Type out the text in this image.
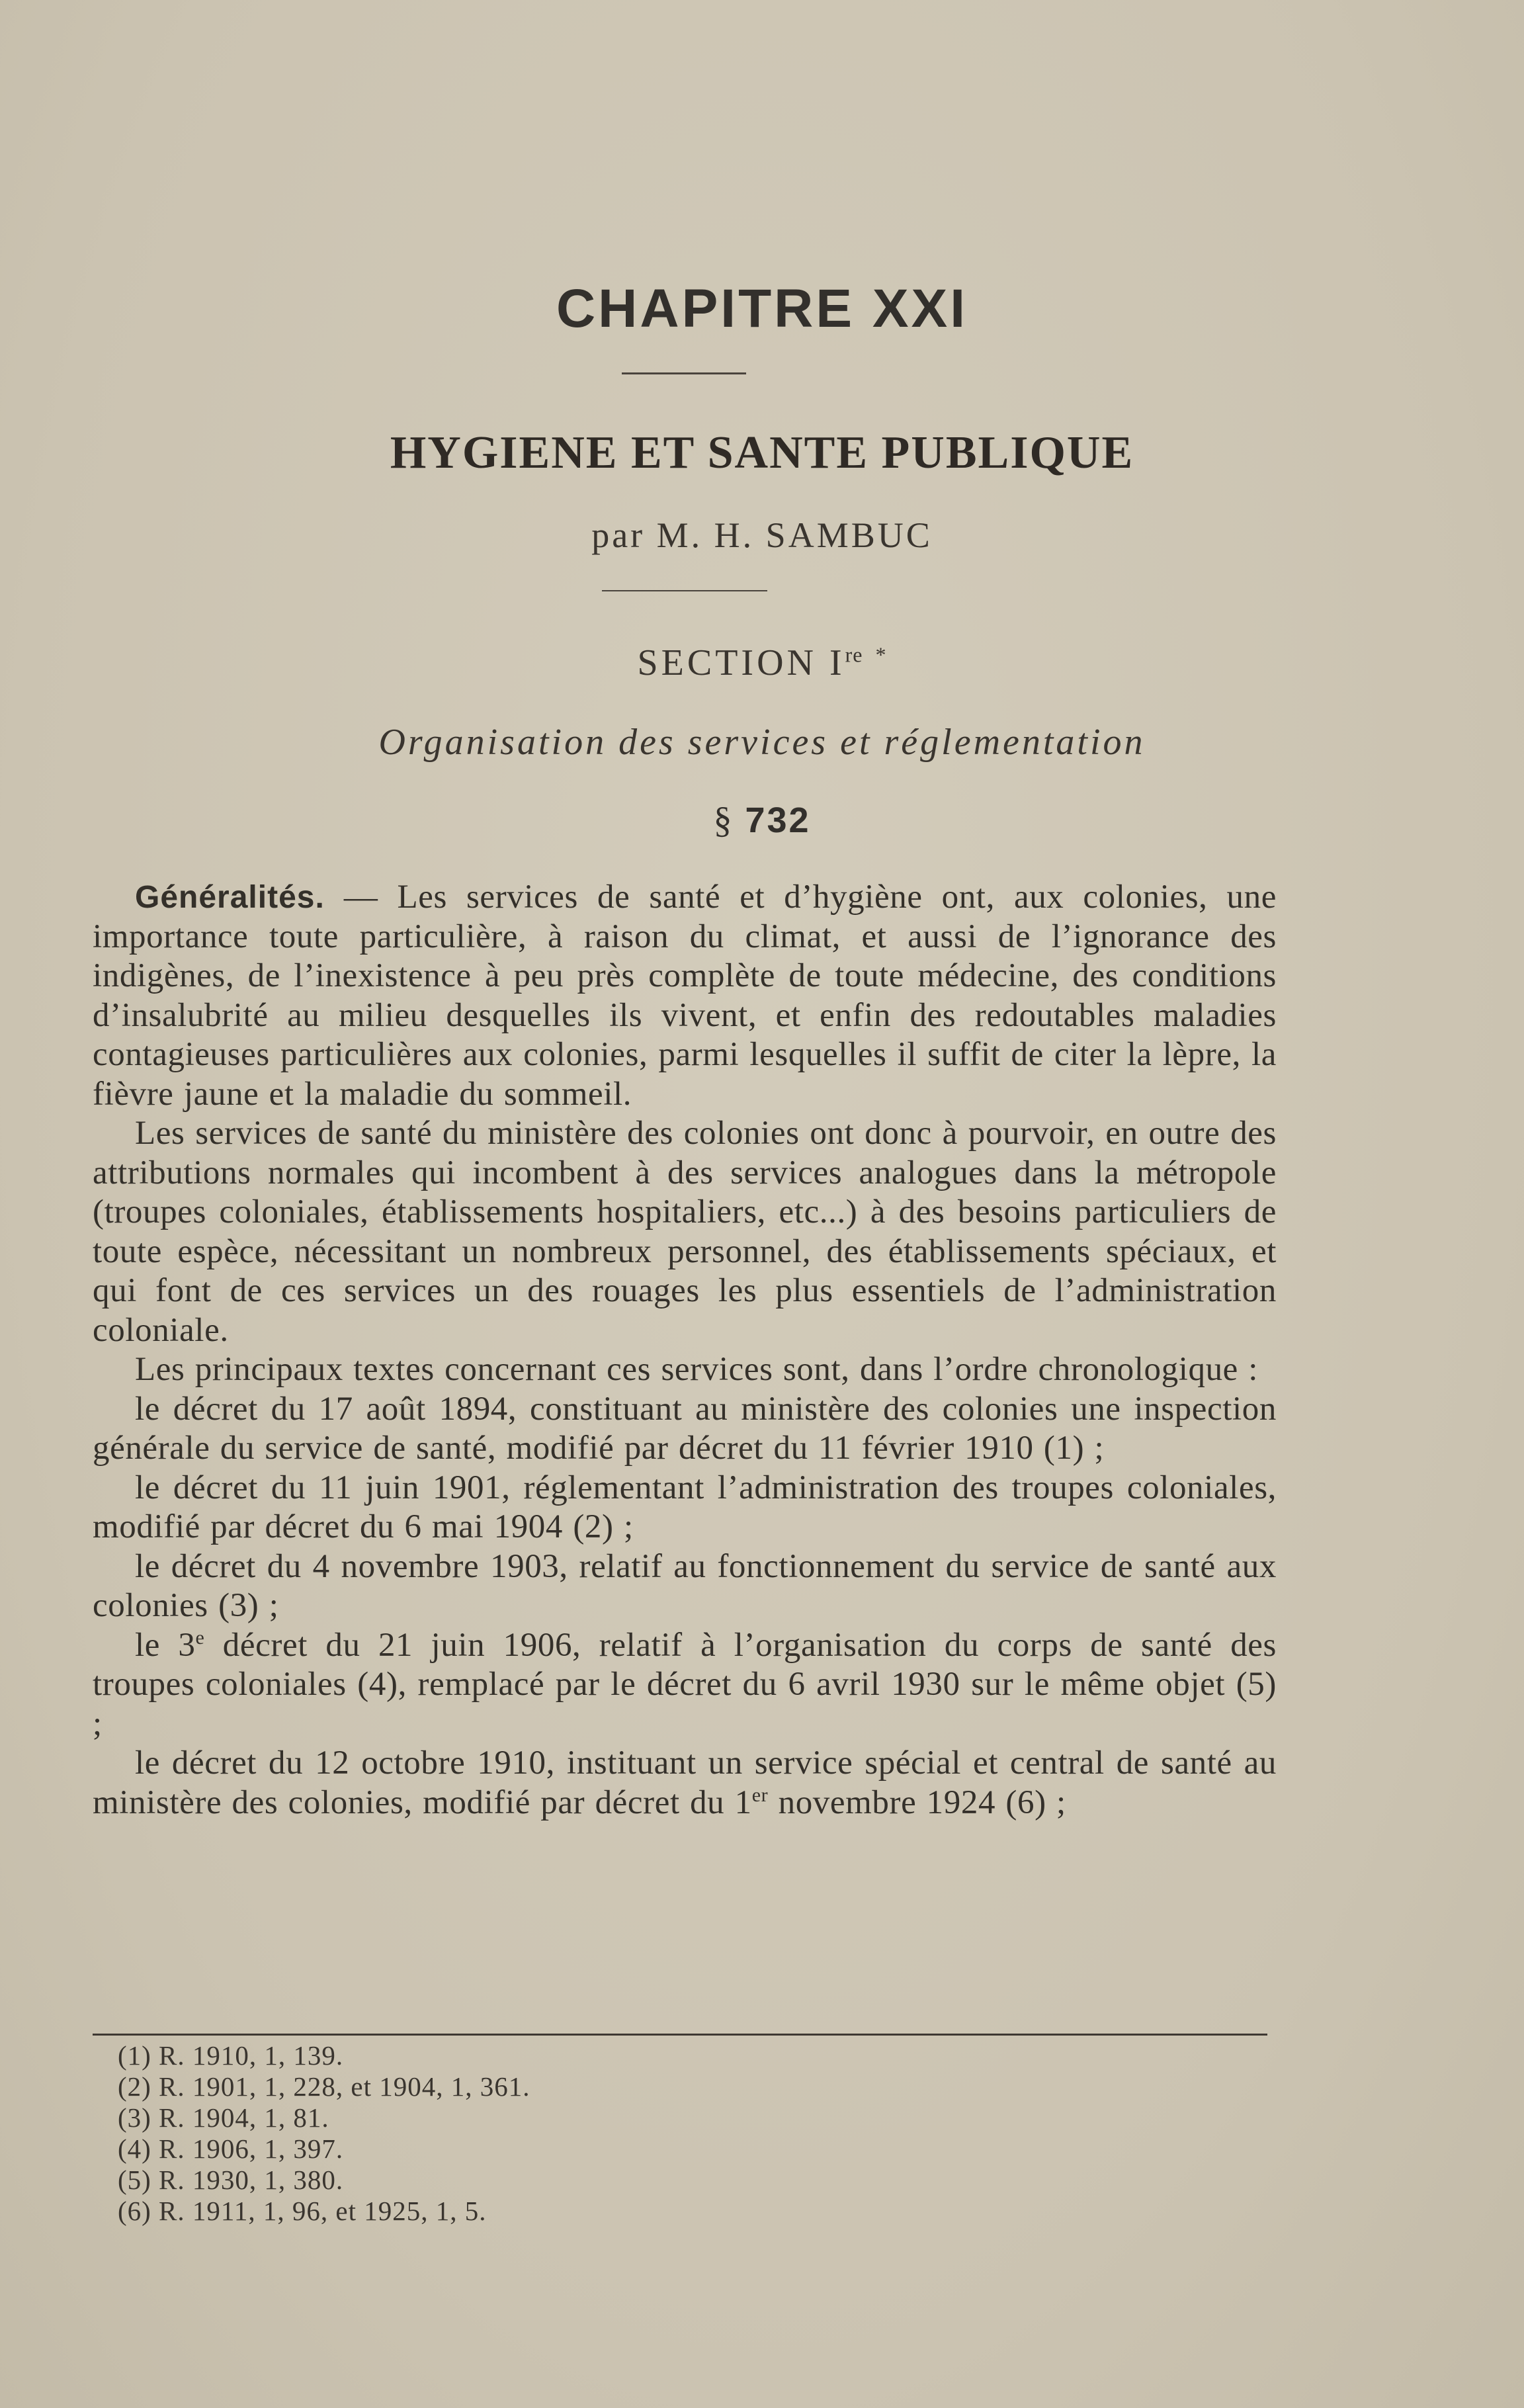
CHAPITRE XXI
HYGIENE ET SANTE PUBLIQUE
par M. H. SAMBUC
SECTION Ire *
Organisation des services et réglementation
§ 732

Généralités. — Les services de santé et d’hygiène ont, aux colonies, une importance toute particulière, à raison du climat, et aussi de l’ignorance des indigènes, de l’inexistence à peu près complète de toute médecine, des conditions d’insalubrité au milieu desquelles ils vivent, et enfin des redoutables maladies contagieuses particulières aux colonies, parmi lesquelles il suffit de citer la lèpre, la fièvre jaune et la maladie du sommeil.

Les services de santé du ministère des colonies ont donc à pourvoir, en outre des attributions normales qui incombent à des services analogues dans la métropole (troupes coloniales, établissements hospitaliers, etc...) à des besoins particuliers de toute espèce, nécessitant un nombreux personnel, des établissements spéciaux, et qui font de ces services un des rouages les plus essentiels de l’administration coloniale.

Les principaux textes concernant ces services sont, dans l’ordre chronologique :

le décret du 17 août 1894, constituant au ministère des colonies une inspection générale du service de santé, modifié par décret du 11 février 1910 (1) ;

le décret du 11 juin 1901, réglementant l’administration des troupes coloniales, modifié par décret du 6 mai 1904 (2) ;

le décret du 4 novembre 1903, relatif au fonctionnement du service de santé aux colonies (3) ;

le 3e décret du 21 juin 1906, relatif à l’organisation du corps de santé des troupes coloniales (4), remplacé par le décret du 6 avril 1930 sur le même objet (5) ;

le décret du 12 octobre 1910, instituant un service spécial et central de santé au ministère des colonies, modifié par décret du 1er novembre 1924 (6) ;

(1) R. 1910, 1, 139.
(2) R. 1901, 1, 228, et 1904, 1, 361.
(3) R. 1904, 1, 81.
(4) R. 1906, 1, 397.
(5) R. 1930, 1, 380.
(6) R. 1911, 1, 96, et 1925, 1, 5.
